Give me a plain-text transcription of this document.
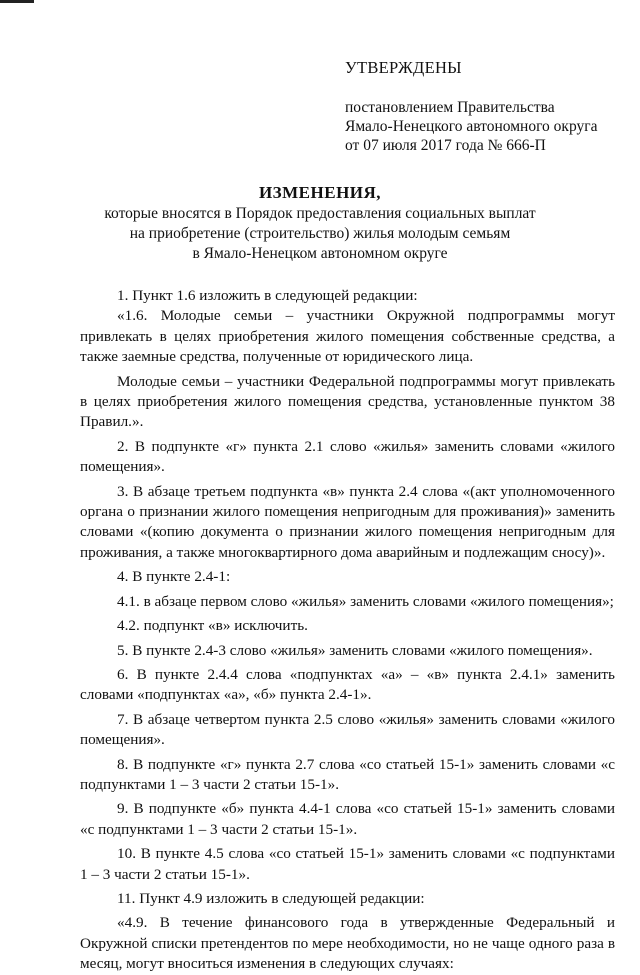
УТВЕРЖДЕНЫ
постановлением Правительства
Ямало-Ненецкого автономного округа
от 07 июля 2017 года № 666-П
ИЗМЕНЕНИЯ,
которые вносятся в Порядок предоставления социальных выплат
на приобретение (строительство) жилья молодым семьям
в Ямало-Ненецком автономном округе

1. Пункт 1.6 изложить в следующей редакции:

«1.6. Молодые семьи – участники Окружной подпрограммы могут привлекать в целях приобретения жилого помещения собственные средства, а также заемные средства, полученные от юридического лица.

Молодые семьи – участники Федеральной подпрограммы могут привлекать в целях приобретения жилого помещения средства, установленные пунктом 38 Правил.».

2. В подпункте «г» пункта 2.1 слово «жилья» заменить словами «жилого помещения».

3. В абзаце третьем подпункта «в» пункта 2.4 слова «(акт уполномоченного органа о признании жилого помещения непригодным для проживания)» заменить словами «(копию документа о признании жилого помещения непригодным для проживания, а также многоквартирного дома аварийным и подлежащим сносу)».

4. В пункте 2.4-1:

4.1. в абзаце первом слово «жилья» заменить словами «жилого помещения»;

4.2. подпункт «в» исключить.

5. В пункте 2.4-3 слово «жилья» заменить словами «жилого помещения».

6. В пункте 2.4.4 слова «подпунктах «а» – «в» пункта 2.4.1» заменить словами «подпунктах «а», «б» пункта 2.4-1».

7. В абзаце четвертом пункта 2.5 слово «жилья» заменить словами «жилого помещения».

8. В подпункте «г» пункта 2.7 слова «со статьей 15-1» заменить словами «с подпунктами 1 – 3 части 2 статьи 15-1».

9. В подпункте «б» пункта 4.4-1 слова «со статьей 15-1» заменить словами «с подпунктами 1 – 3 части 2 статьи 15-1».

10. В пункте 4.5 слова «со статьей 15-1» заменить словами «с подпунктами 1 – 3 части 2 статьи 15-1».

11. Пункт 4.9 изложить в следующей редакции:

«4.9. В течение финансового года в утвержденные Федеральный и Окружной списки претендентов по мере необходимости, но не чаще одного раза в месяц, могут вноситься изменения в следующих случаях:
